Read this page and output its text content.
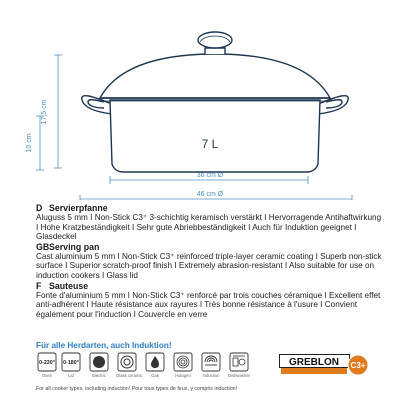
17,5 cm
10 cm
36 cm Ø
46 cm Ø
7 L
D Servierpfanne
Aluguss 5 mm I Non-Stick C3⁺ 3-schichtig keramisch verstärkt I Hervorragende Antihaftwirkung I Hohe Kratzbeständigkeit I Sehr gute Abriebbeständigkeit I Auch für Induktion geeignet I Glasdeckel
GBServing pan
Cast aluminium 5 mm I Non-Stick C3⁺ reinforced triple-layer ceramic coating I Superb non-stick surface I Superior scratch-proof finish I Extremely abrasion-resistant I Also suitable for use on induction cookers I Glass lid
F Sauteuse
Fonte d'aluminium 5 mm I Non-Stick C3⁺ renforcé par trois couches céramique I Excellent effet anti-adhérent I Haute résistance aux rayures I Très bonne résistance à l'usure I Convient également pour l'induction I Couvercle en verre
Für alle Herdarten, auch Induktion!
0-230°
Oven
0-180°
Lid	Electric	Glass ceramic	Gas	Halogen	Induction	Dishwasher
GREBLON C3+
For all cooker types, including induction! Pour tous types de feux, y compris induction!
